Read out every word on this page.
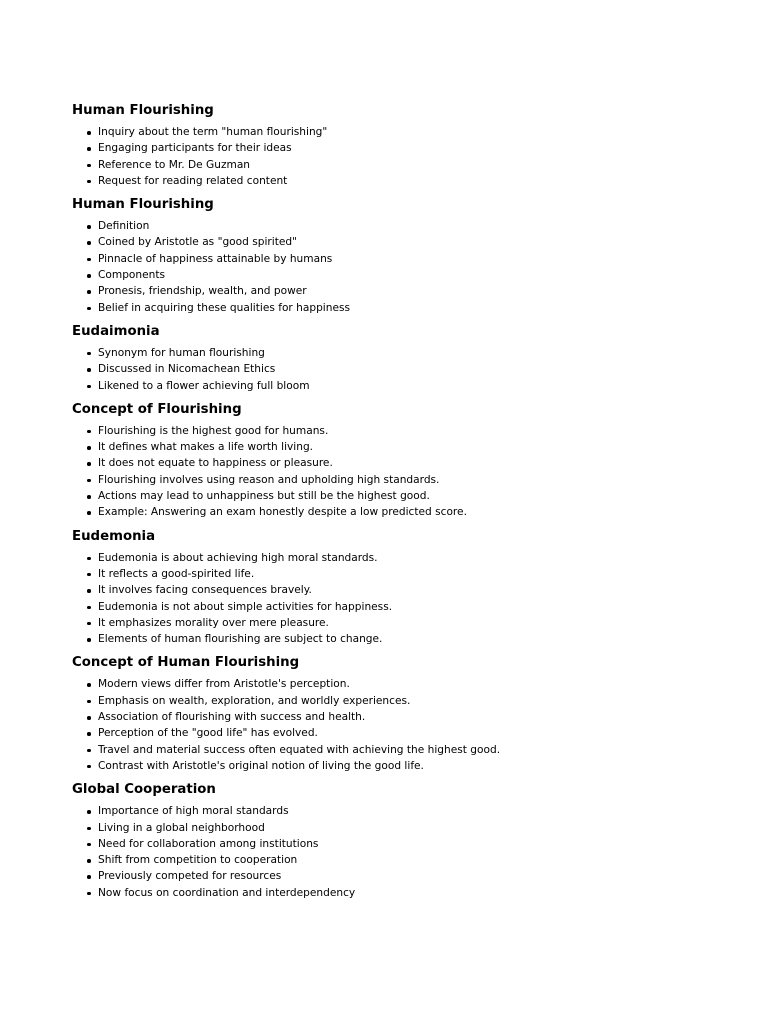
Human Flourishing
Inquiry about the term "human flourishing"
Engaging participants for their ideas
Reference to Mr. De Guzman
Request for reading related content
Human Flourishing
Definition
Coined by Aristotle as "good spirited"
Pinnacle of happiness attainable by humans
Components
Pronesis, friendship, wealth, and power
Belief in acquiring these qualities for happiness
Eudaimonia
Synonym for human flourishing
Discussed in Nicomachean Ethics
Likened to a flower achieving full bloom
Concept of Flourishing
Flourishing is the highest good for humans.
It defines what makes a life worth living.
It does not equate to happiness or pleasure.
Flourishing involves using reason and upholding high standards.
Actions may lead to unhappiness but still be the highest good.
Example: Answering an exam honestly despite a low predicted score.
Eudemonia
Eudemonia is about achieving high moral standards.
It reflects a good-spirited life.
It involves facing consequences bravely.
Eudemonia is not about simple activities for happiness.
It emphasizes morality over mere pleasure.
Elements of human flourishing are subject to change.
Concept of Human Flourishing
Modern views differ from Aristotle's perception.
Emphasis on wealth, exploration, and worldly experiences.
Association of flourishing with success and health.
Perception of the "good life" has evolved.
Travel and material success often equated with achieving the highest good.
Contrast with Aristotle's original notion of living the good life.
Global Cooperation
Importance of high moral standards
Living in a global neighborhood
Need for collaboration among institutions
Shift from competition to cooperation
Previously competed for resources
Now focus on coordination and interdependency
